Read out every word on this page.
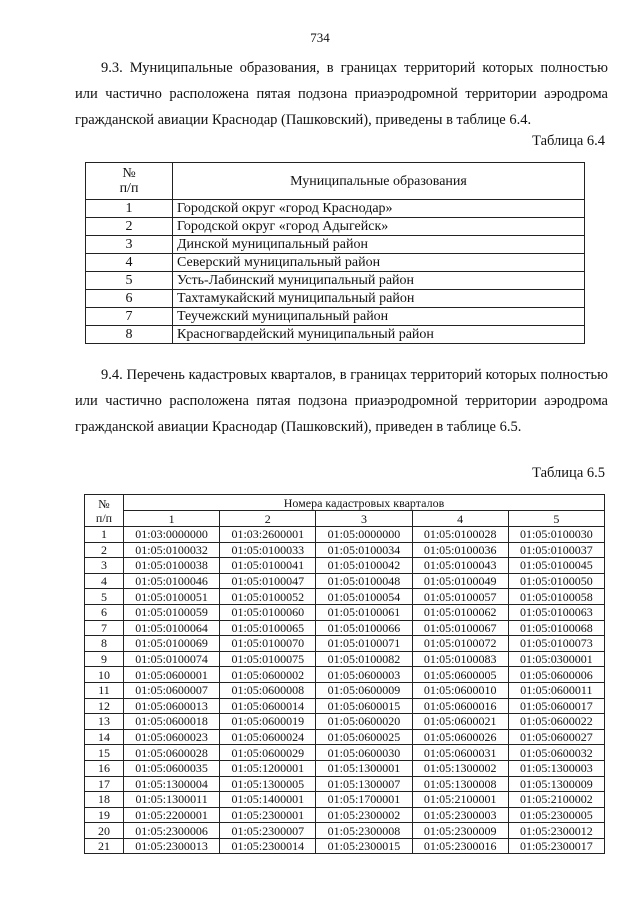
734

9.3. Муниципальные образования, в границах территорий которых полностью или частично расположена пятая подзона приаэродромной территории аэродрома гражданской авиации Краснодар (Пашковский), приведены в таблице 6.4.

Таблица 6.4
№
п/п	Муниципальные образования
1	Городской округ «город Краснодар»
2	Городской округ «город Адыгейск»
3	Динской муниципальный район
4	Северский муниципальный район
5	Усть-Лабинский муниципальный район
6	Тахтамукайский муниципальный район
7	Теучежский муниципальный район
8	Красногвардейский муниципальный район

9.4. Перечень кадастровых кварталов, в границах территорий которых полностью или частично расположена пятая подзона приаэродромной территории аэродрома гражданской авиации Краснодар (Пашковский), приведен в таблице 6.5.

Таблица 6.5
№
п/п	Номера кадастровых кварталов				
	1	2	3	4	5
1	01:03:0000000	01:03:2600001	01:05:0000000	01:05:0100028	01:05:0100030
2	01:05:0100032	01:05:0100033	01:05:0100034	01:05:0100036	01:05:0100037
3	01:05:0100038	01:05:0100041	01:05:0100042	01:05:0100043	01:05:0100045
4	01:05:0100046	01:05:0100047	01:05:0100048	01:05:0100049	01:05:0100050
5	01:05:0100051	01:05:0100052	01:05:0100054	01:05:0100057	01:05:0100058
6	01:05:0100059	01:05:0100060	01:05:0100061	01:05:0100062	01:05:0100063
7	01:05:0100064	01:05:0100065	01:05:0100066	01:05:0100067	01:05:0100068
8	01:05:0100069	01:05:0100070	01:05:0100071	01:05:0100072	01:05:0100073
9	01:05:0100074	01:05:0100075	01:05:0100082	01:05:0100083	01:05:0300001
10	01:05:0600001	01:05:0600002	01:05:0600003	01:05:0600005	01:05:0600006
11	01:05:0600007	01:05:0600008	01:05:0600009	01:05:0600010	01:05:0600011
12	01:05:0600013	01:05:0600014	01:05:0600015	01:05:0600016	01:05:0600017
13	01:05:0600018	01:05:0600019	01:05:0600020	01:05:0600021	01:05:0600022
14	01:05:0600023	01:05:0600024	01:05:0600025	01:05:0600026	01:05:0600027
15	01:05:0600028	01:05:0600029	01:05:0600030	01:05:0600031	01:05:0600032
16	01:05:0600035	01:05:1200001	01:05:1300001	01:05:1300002	01:05:1300003
17	01:05:1300004	01:05:1300005	01:05:1300007	01:05:1300008	01:05:1300009
18	01:05:1300011	01:05:1400001	01:05:1700001	01:05:2100001	01:05:2100002
19	01:05:2200001	01:05:2300001	01:05:2300002	01:05:2300003	01:05:2300005
20	01:05:2300006	01:05:2300007	01:05:2300008	01:05:2300009	01:05:2300012
21	01:05:2300013	01:05:2300014	01:05:2300015	01:05:2300016	01:05:2300017
